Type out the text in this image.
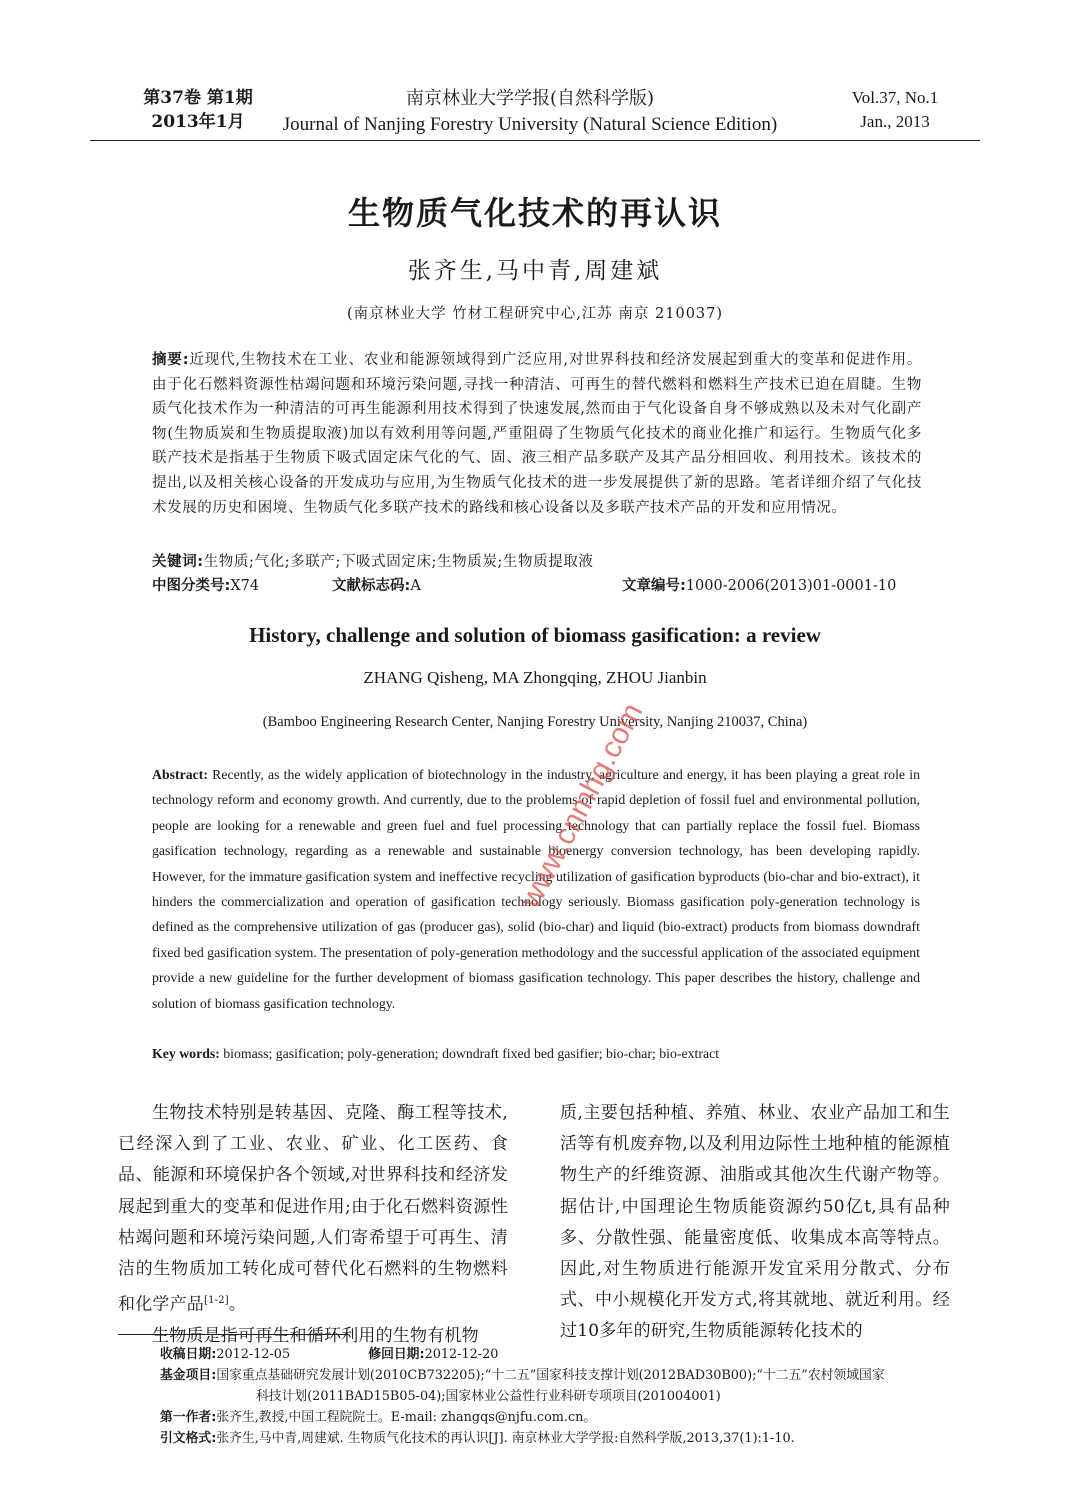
第37卷 第1期
2013年1月
南京林业大学学报(自然科学版)
Journal of Nanjing Forestry University (Natural Science Edition)
Vol.37, No.1
Jan., 2013
生物质气化技术的再认识
张齐生,马中青,周建斌
(南京林业大学 竹材工程研究中心,江苏 南京 210037)
摘要:近现代,生物技术在工业、农业和能源领域得到广泛应用,对世界科技和经济发展起到重大的变革和促进作用。由于化石燃料资源性枯竭问题和环境污染问题,寻找一种清洁、可再生的替代燃料和燃料生产技术已迫在眉睫。生物质气化技术作为一种清洁的可再生能源利用技术得到了快速发展,然而由于气化设备自身不够成熟以及未对气化副产物(生物质炭和生物质提取液)加以有效利用等问题,严重阻碍了生物质气化技术的商业化推广和运行。生物质气化多联产技术是指基于生物质下吸式固定床气化的气、固、液三相产品多联产及其产品分相回收、利用技术。该技术的提出,以及相关核心设备的开发成功与应用,为生物质气化技术的进一步发展提供了新的思路。笔者详细介绍了气化技术发展的历史和困境、生物质气化多联产技术的路线和核心设备以及多联产技术产品的开发和应用情况。
关键词:生物质;气化;多联产;下吸式固定床;生物质炭;生物质提取液
中图分类号:X74	文献标志码:A	文章编号:1000-2006(2013)01-0001-10
History, challenge and solution of biomass gasification: a review
ZHANG Qisheng, MA Zhongqing, ZHOU Jianbin
(Bamboo Engineering Research Center, Nanjing Forestry University, Nanjing 210037, China)
Abstract: Recently, as the widely application of biotechnology in the industry, agriculture and energy, it has been playing a great role in technology reform and economy growth. And currently, due to the problems of rapid depletion of fossil fuel and environmental pollution, people are looking for a renewable and green fuel and fuel processing technology that can partially replace the fossil fuel. Biomass gasification technology, regarding as a renewable and sustainable bioenergy conversion technology, has been developing rapidly. However, for the immature gasification system and ineffective recycling utilization of gasification byproducts (bio-char and bio-extract), it hinders the commercialization and operation of gasification technology seriously. Biomass gasification poly-generation technology is defined as the comprehensive utilization of gas (producer gas), solid (bio-char) and liquid (bio-extract) products from biomass downdraft fixed bed gasification system. The presentation of poly-generation methodology and the successful application of the associated equipment provide a new guideline for the further development of biomass gasification technology. This paper describes the history, challenge and solution of biomass gasification technology.
Key words: biomass; gasification; poly-generation; downdraft fixed bed gasifier; bio-char; bio-extract
生物技术特别是转基因、克隆、酶工程等技术,已经深入到了工业、农业、矿业、化工医药、食品、能源和环境保护各个领域,对世界科技和经济发展起到重大的变革和促进作用;由于化石燃料资源性枯竭问题和环境污染问题,人们寄希望于可再生、清洁的生物质加工转化成可替代化石燃料的生物燃料和化学产品[1-2]。
生物质是指可再生和循环利用的生物有机物
质,主要包括种植、养殖、林业、农业产品加工和生活等有机废弃物,以及利用边际性土地种植的能源植物生产的纤维资源、油脂或其他次生代谢产物等。据估计,中国理论生物质能资源约50亿t,具有品种多、分散性强、能量密度低、收集成本高等特点。因此,对生物质进行能源开发宜采用分散式、分布式、中小规模化开发方式,将其就地、就近利用。经过10多年的研究,生物质能源转化技术的
收稿日期:2012-12-05	修回日期:2012-12-20
基金项目:国家重点基础研究发展计划(2010CB732205);“十二五”国家科技支撑计划(2012BAD30B00);“十二五”农村领域国家
科技计划(2011BAD15B05-04);国家林业公益性行业科研专项项目(201004001)
第一作者:张齐生,教授,中国工程院院士。E-mail: zhangqs@njfu.com.cn。
引文格式:张齐生,马中青,周建斌. 生物质气化技术的再认识[J]. 南京林业大学学报:自然科学版,2013,37(1):1-10.
www.cnmhg.com
